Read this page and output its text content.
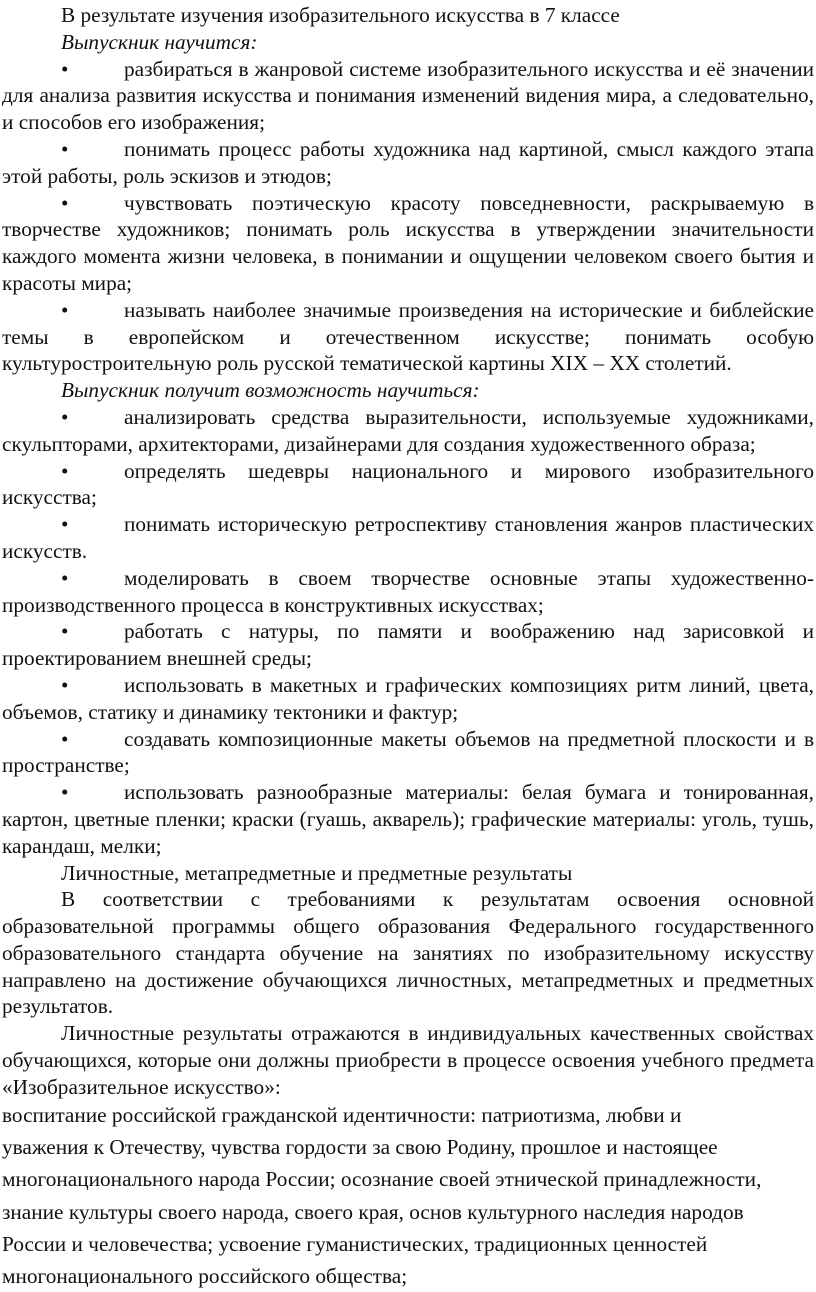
В результате изучения изобразительного искусства в 7 классе

Выпускник научится:

•	разбираться в жанровой системе изобразительного искусства и её значении для анализа развития искусства и понимания изменений видения мира, а следовательно, и способов его изображения;

•	понимать процесс работы художника над картиной, смысл каждого этапа этой работы, роль эскизов и этюдов;

•	чувствовать поэтическую красоту повседневности, раскрываемую в творчестве художников; понимать роль искусства в утверждении значительности каждого момента жизни человека, в понимании и ощущении человеком своего бытия и красоты мира;

•	называть наиболее значимые произведения на исторические и библейские темы в европейском и отечественном искусстве; понимать особую культуростроительную роль русской тематической картины XIX – XX столетий.

Выпускник получит возможность научиться:

•	анализировать средства выразительности, используемые художниками, скульпторами, архитекторами, дизайнерами для создания художественного образа;

•	определять шедевры национального и мирового изобразительного искусства;

•	понимать историческую ретроспективу становления жанров пластических искусств.

•	моделировать в своем творчестве основные этапы художественно-производственного процесса в конструктивных искусствах;

•	работать с натуры, по памяти и воображению над зарисовкой и проектированием внешней среды;

•	использовать в макетных и графических композициях ритм линий, цвета, объемов, статику и динамику тектоники и фактур;

•	создавать композиционные макеты объемов на предметной плоскости и в пространстве;

•	использовать разнообразные материалы: белая бумага и тонированная, картон, цветные пленки; краски (гуашь, акварель); графические материалы: уголь, тушь, карандаш, мелки;

Личностные, метапредметные и предметные результаты

В соответствии с требованиями к результатам освоения основной образовательной программы общего образования Федерального государственного образовательного стандарта обучение на занятиях по изобразительному искусству направлено на достижение обучающихся личностных, метапредметных и предметных результатов.

Личностные результаты отражаются в индивидуальных качественных свойствах обучающихся, которые они должны приобрести в процессе освоения учебного предмета «Изобразительное искусство»:

воспитание российской гражданской идентичности: патриотизма, любви и

уважения к Отечеству, чувства гордости за свою Родину, прошлое и настоящее

многонационального народа России; осознание своей этнической принадлежности,

знание культуры своего народа, своего края, основ культурного наследия народов

России и человечества; усвоение гуманистических, традиционных ценностей

многонационального российского общества;
